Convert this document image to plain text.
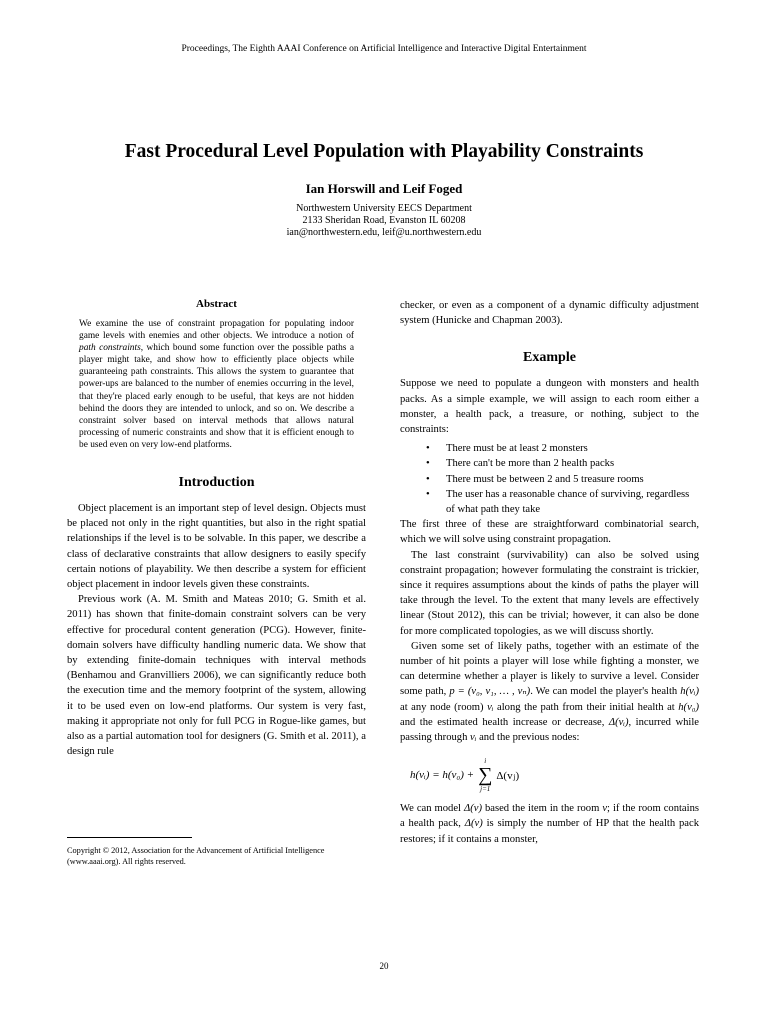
Proceedings, The Eighth AAAI Conference on Artificial Intelligence and Interactive Digital Entertainment
Fast Procedural Level Population with Playability Constraints
Ian Horswill and Leif Foged
Northwestern University EECS Department
2133 Sheridan Road, Evanston IL 60208
ian@northwestern.edu, leif@u.northwestern.edu
Abstract

We examine the use of constraint propagation for populating indoor game levels with enemies and other objects. We introduce a notion of path constraints, which bound some function over the possible paths a player might take, and show how to efficiently place objects while guaranteeing path constraints. This allows the system to guarantee that power-ups are balanced to the number of enemies occurring in the level, that they're placed early enough to be useful, that keys are not hidden behind the doors they are intended to unlock, and so on. We describe a constraint solver based on interval methods that allows natural processing of numeric constraints and show that it is efficient enough to be used even on very low-end platforms.

Introduction

Object placement is an important step of level design. Objects must be placed not only in the right quantities, but also in the right spatial relationships if the level is to be solvable. In this paper, we describe a class of declarative constraints that allow designers to easily specify certain notions of playability. We then describe a system for efficient object placement in indoor levels given these constraints.

Previous work (A. M. Smith and Mateas 2010; G. Smith et al. 2011) has shown that finite-domain constraint solvers can be very effective for procedural content generation (PCG). However, finite-domain solvers have difficulty handling numeric data. We show that by extending finite-domain techniques with interval methods (Benhamou and Granvilliers 2006), we can significantly reduce both the execution time and the memory footprint of the system, allowing it to be used even on low-end platforms. Our system is very fast, making it appropriate not only for full PCG in Rogue-like games, but also as a partial automation tool for designers (G. Smith et al. 2011), a design rule

Copyright © 2012, Association for the Advancement of Artificial Intelligence (www.aaai.org). All rights reserved.

checker, or even as a component of a dynamic difficulty adjustment system (Hunicke and Chapman 2003).

Example

Suppose we need to populate a dungeon with monsters and health packs. As a simple example, we will assign to each room either a monster, a health pack, a treasure, or nothing, subject to the constraints:

• There must be at least 2 monsters
• There can't be more than 2 health packs
• There must be between 2 and 5 treasure rooms
• The user has a reasonable chance of surviving, regardless of what path they take

The first three of these are straightforward combinatorial search, which we will solve using constraint propagation.

The last constraint (survivability) can also be solved using constraint propagation; however formulating the constraint is trickier, since it requires assumptions about the kinds of paths the player will take through the level. To the extent that many levels are effectively linear (Stout 2012), this can be trivial; however, it can also be done for more complicated topologies, as we will discuss shortly.

Given some set of likely paths, together with an estimate of the number of hit points a player will lose while fighting a monster, we can determine whether a player is likely to survive a level. Consider some path, p = (v₀, v₁, … , vₙ). We can model the player's health h(vᵢ) at any node (room) vᵢ along the path from their initial health at h(v₀) and the estimated health increase or decrease, Δ(vᵢ), incurred while passing through vᵢ and the previous nodes:

h(vᵢ) = h(v₀) +
i
∑
j=1
Δ(vⱼ)

We can model Δ(v) based the item in the room v; if the room contains a health pack, Δ(v) is simply the number of HP that the health pack restores; if it contains a monster,

20
